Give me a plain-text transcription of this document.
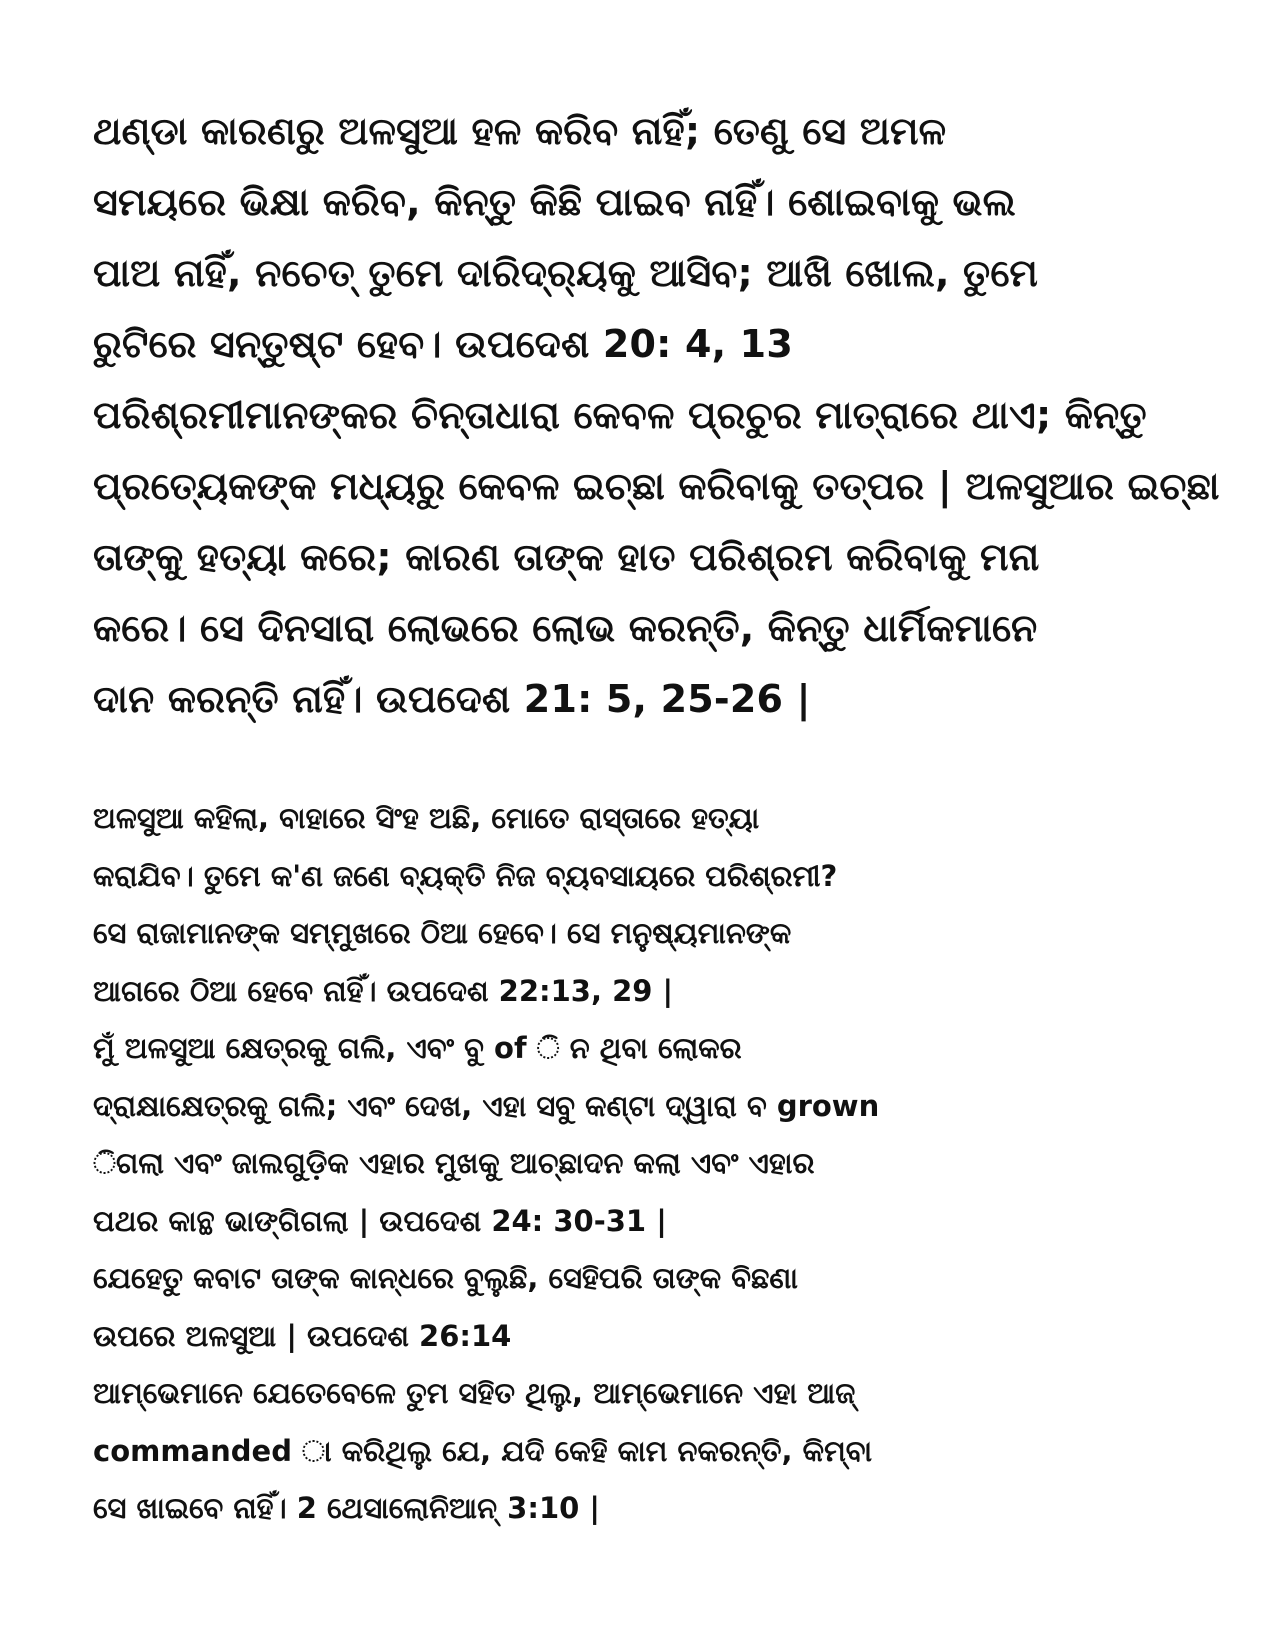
ଥଣ୍ଡା କାରଣରୁ ଅଳସୁଆ ହଳ କରିବ ନାହିଁ; ତେଣୁ ସେ ଅମଳ
ସମୟରେ ଭିକ୍ଷା କରିବ, କିନ୍ତୁ କିଛି ପାଇବ ନାହିଁ। ଶୋଇବାକୁ ଭଲ
ପାଅ ନାହିଁ, ନଚେତ୍ ତୁମେ ଦାରିଦ୍ର୍ୟକୁ ଆସିବ; ଆଖି ଖୋଲ, ତୁମେ
ରୁଟିରେ ସନ୍ତୁଷ୍ଟ ହେବ। ଉପଦେଶ 20: 4, 13
ପରିଶ୍ରମୀମାନଙ୍କର ଚିନ୍ତାଧାରା କେବଳ ପ୍ରଚୁର ମାତ୍ରାରେ ଥାଏ; କିନ୍ତୁ
ପ୍ରତ୍ୟେକଙ୍କ ମଧ୍ୟରୁ କେବଳ ଇଚ୍ଛା କରିବାକୁ ତତ୍ପର | ଅଳସୁଆର ଇଚ୍ଛା
ତାଙ୍କୁ ହତ୍ୟା କରେ; କାରଣ ତାଙ୍କ ହାତ ପରିଶ୍ରମ କରିବାକୁ ମନା
କରେ। ସେ ଦିନସାରା ଲୋଭରେ ଲୋଭ କରନ୍ତି, କିନ୍ତୁ ଧାର୍ମିକମାନେ
ଦାନ କରନ୍ତି ନାହିଁ। ଉପଦେଶ 21: 5, 25-26 |
ଅଳସୁଆ କହିଲା, ବାହାରେ ସିଂହ ଅଛି, ମୋତେ ରାସ୍ତାରେ ହତ୍ୟା
କରାଯିବ। ତୁମେ କ'ଣ ଜଣେ ବ୍ୟକ୍ତି ନିଜ ବ୍ୟବସାୟରେ ପରିଶ୍ରମୀ?
ସେ ରାଜାମାନଙ୍କ ସମ୍ମୁଖରେ ଠିଆ ହେବେ। ସେ ମନୁଷ୍ୟମାନଙ୍କ
ଆଗରେ ଠିଆ ହେବେ ନାହିଁ। ଉପଦେଶ 22:13, 29 |
ମୁଁ ଅଳସୁଆ କ୍ଷେତ୍ରକୁ ଗଲି, ଏବଂ ବୁ of ି ନ ଥିବା ଲୋକର
ଦ୍ରାକ୍ଷାକ୍ଷେତ୍ରକୁ ଗଲି; ଏବଂ ଦେଖ, ଏହା ସବୁ କଣ୍ଟା ଦ୍ୱାରା ବ grown
ିଗଲା ଏବଂ ଜାଲଗୁଡ଼ିକ ଏହାର ମୁଖକୁ ଆଚ୍ଛାଦନ କଲା ଏବଂ ଏହାର
ପଥର କାନ୍ଥ ଭାଙ୍ଗିଗଲା | ଉପଦେଶ 24: 30-31 |
ଯେହେତୁ କବାଟ ତାଙ୍କ କାନ୍ଧରେ ବୁଲୁଛି, ସେହିପରି ତାଙ୍କ ବିଛଣା
ଉପରେ ଅଳସୁଆ | ଉପଦେଶ 26:14
ଆମ୍ଭେମାନେ ଯେତେବେଳେ ତୁମ ସହିତ ଥିଲୁ, ଆମ୍ଭେମାନେ ଏହା ଆଜ୍
commanded ା କରିଥିଲୁ ଯେ, ଯଦି କେହି କାମ ନକରନ୍ତି, କିମ୍ବା
ସେ ଖାଇବେ ନାହିଁ। 2 ଥେସାଲୋନିଆନ୍ 3:10 |
